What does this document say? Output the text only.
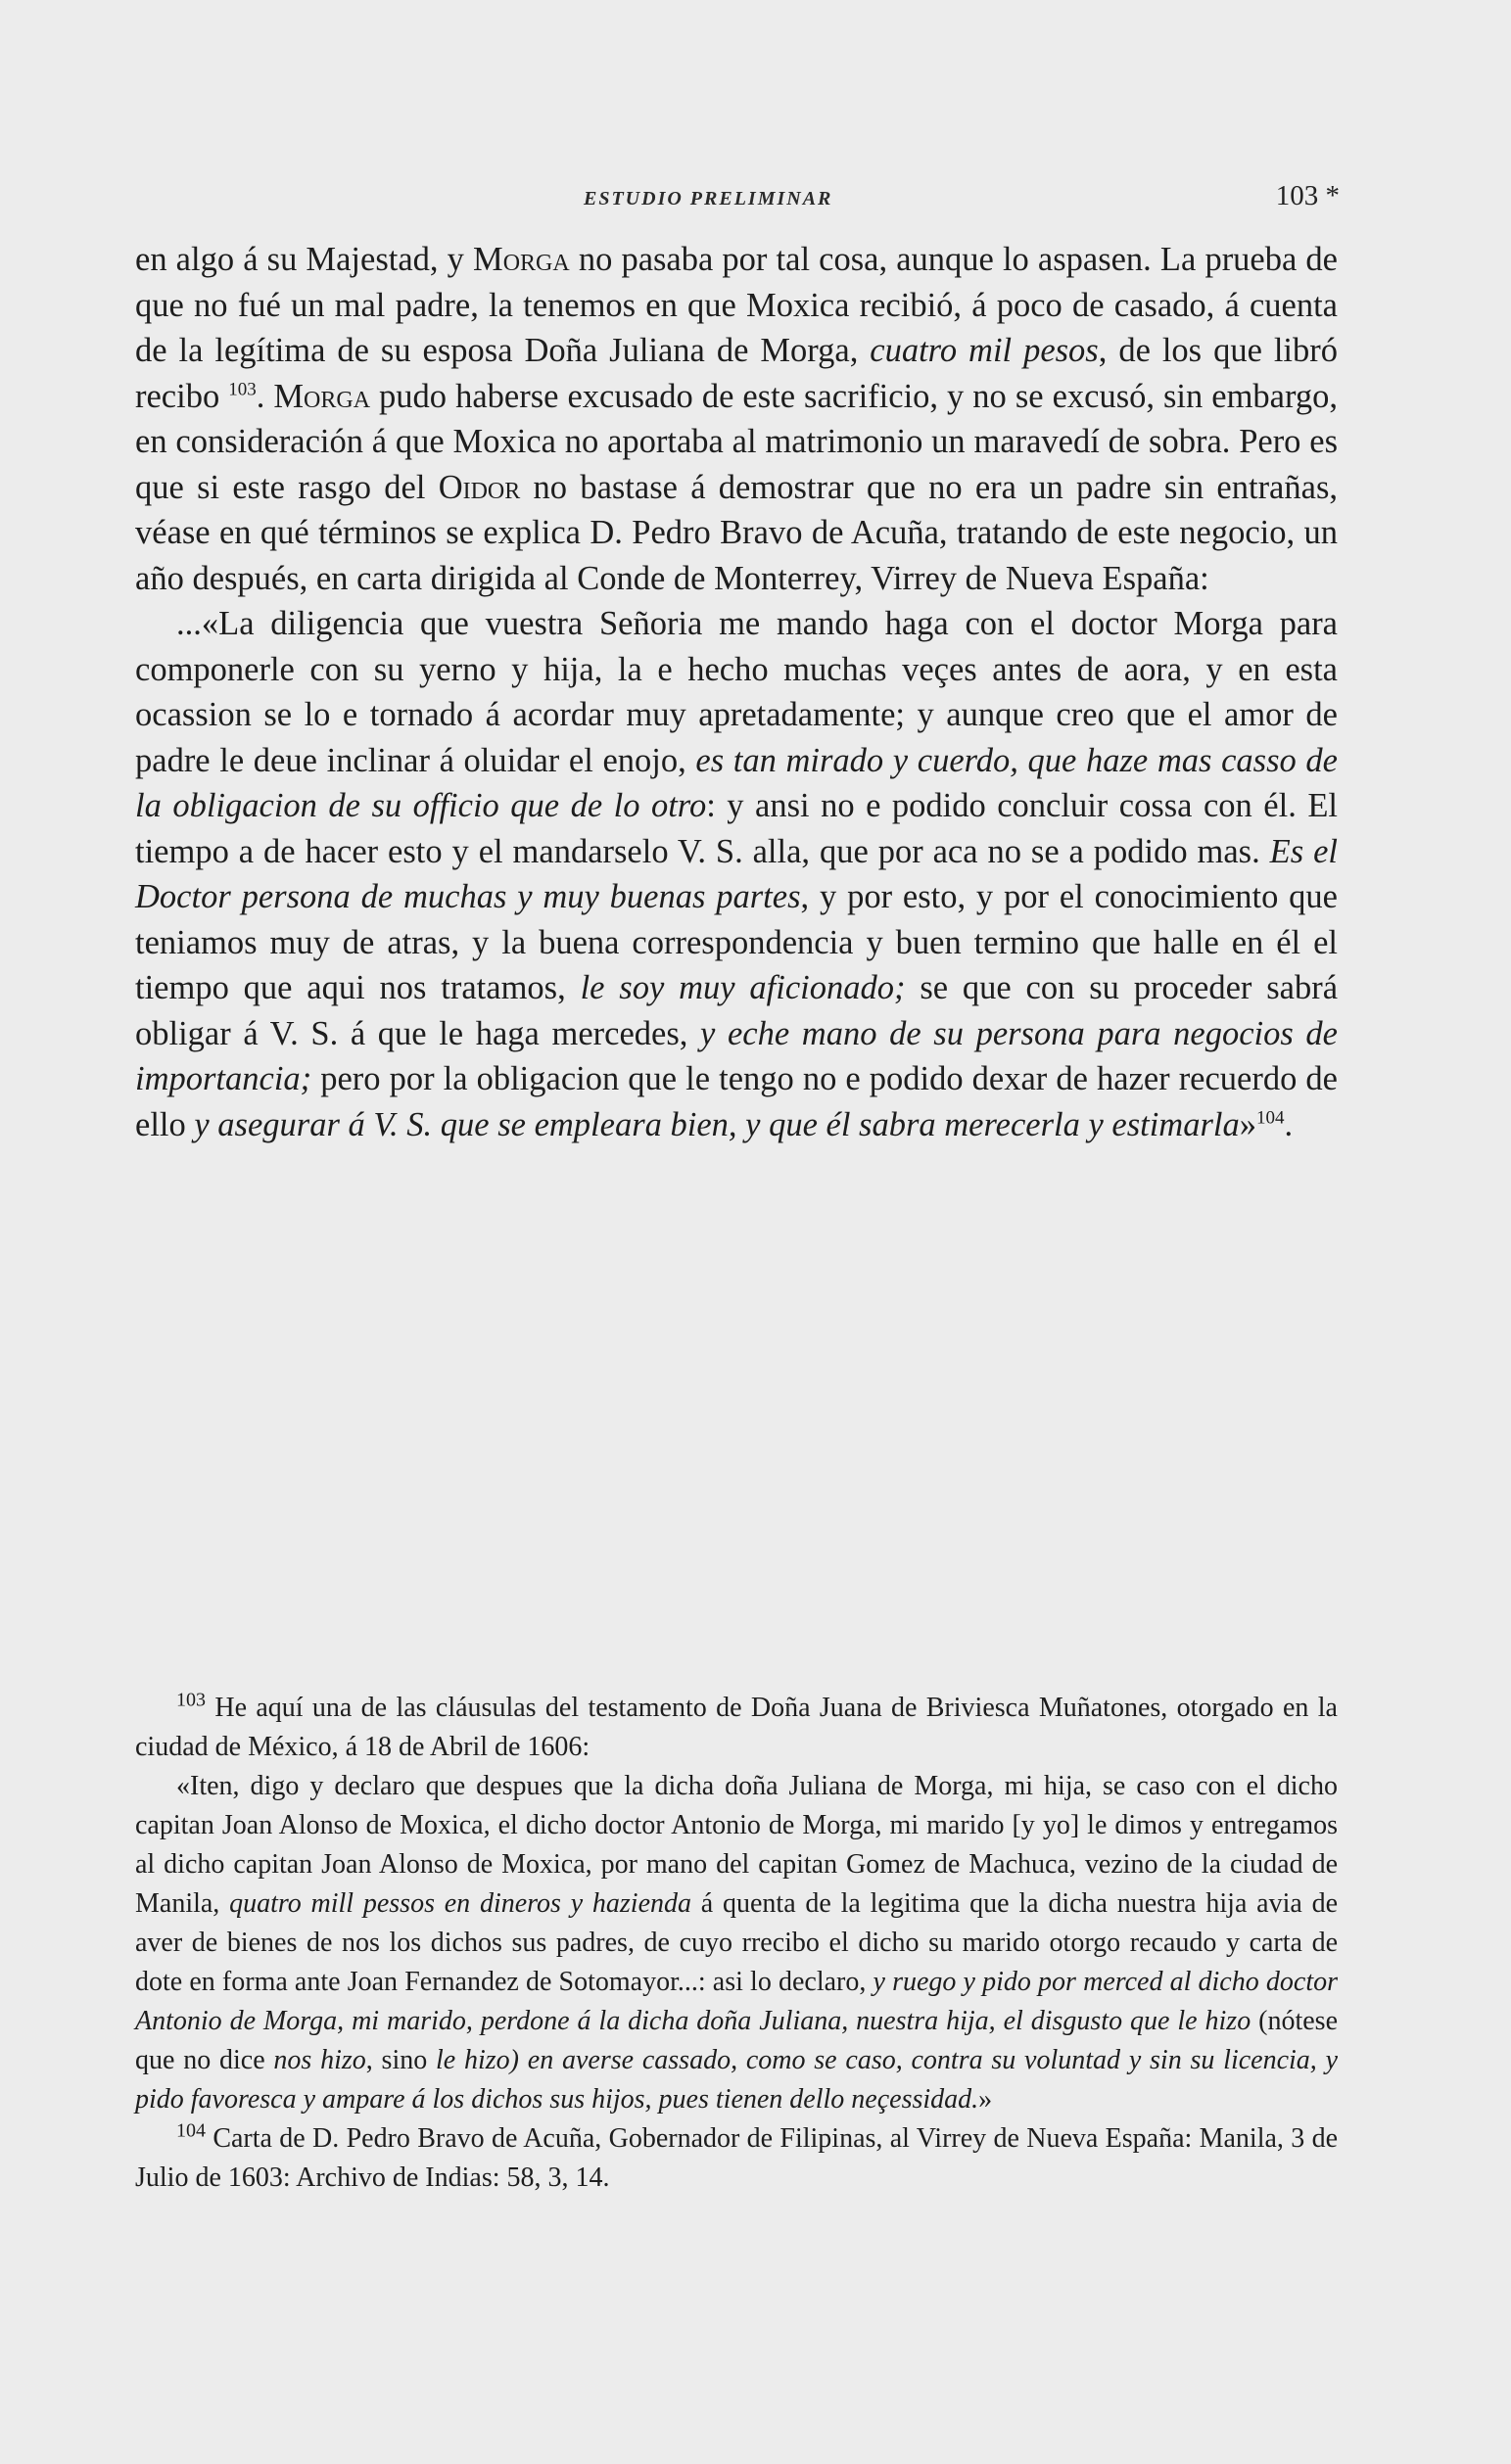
ESTUDIO PRELIMINAR	103 *

en algo á su Majestad, y Morga no pasaba por tal cosa, aunque lo aspasen. La prueba de que no fué un mal padre, la tenemos en que Moxica recibió, á poco de casado, á cuenta de la legítima de su esposa Doña Juliana de Morga, cuatro mil pesos, de los que libró recibo $^{103}$. Morga pudo haberse excusado de este sacrificio, y no se excusó, sin embargo, en consideración á que Moxica no aportaba al matrimonio un maravedí de sobra. Pero es que si este rasgo del Oidor no bastase á demostrar que no era un padre sin entrañas, véase en qué términos se explica D. Pedro Bravo de Acuña, tratando de este negocio, un año después, en carta dirigida al Conde de Monterrey, Virrey de Nueva España:

...«La diligencia que vuestra Señoria me mando haga con el doctor Morga para componerle con su yerno y hija, la e hecho muchas veçes antes de aora, y en esta ocassion se lo e tornado á acordar muy apretadamente; y aunque creo que el amor de padre le deue inclinar á oluidar el enojo, es tan mirado y cuerdo, que haze mas casso de la obligacion de su officio que de lo otro: y ansi no e podido concluir cossa con él. El tiempo a de hacer esto y el mandarselo V. S. alla, que por aca no se a podido mas. Es el Doctor persona de muchas y muy buenas partes, y por esto, y por el conocimiento que teniamos muy de atras, y la buena correspondencia y buen termino que halle en él el tiempo que aqui nos tratamos, le soy muy aficionado; se que con su proceder sabrá obligar á V. S. á que le haga mercedes, y eche mano de su persona para negocios de importancia; pero por la obligacion que le tengo no e podido dexar de hazer recuerdo de ello y asegurar á V. S. que se empleara bien, y que él sabra merecerla y estimarla»$^{104}$.

$^{103}$ He aquí una de las cláusulas del testamento de Doña Juana de Briviesca Muñatones, otorgado en la ciudad de México, á 18 de Abril de 1606:

«Iten, digo y declaro que despues que la dicha doña Juliana de Morga, mi hija, se caso con el dicho capitan Joan Alonso de Moxica, el dicho doctor Antonio de Morga, mi marido [y yo] le dimos y entregamos al dicho capitan Joan Alonso de Moxica, por mano del capitan Gomez de Machuca, vezino de la ciudad de Manila, quatro mill pessos en dineros y hazienda á quenta de la legitima que la dicha nuestra hija avia de aver de bienes de nos los dichos sus padres, de cuyo rrecibo el dicho su marido otorgo recaudo y carta de dote en forma ante Joan Fernandez de Sotomayor...: asi lo declaro, y ruego y pido por merced al dicho doctor Antonio de Morga, mi marido, perdone á la dicha doña Juliana, nuestra hija, el disgusto que le hizo (nótese que no dice nos hizo, sino le hizo) en averse cassado, como se caso, contra su voluntad y sin su licencia, y pido favoresca y ampare á los dichos sus hijos, pues tienen dello neçessidad.»

$^{104}$ Carta de D. Pedro Bravo de Acuña, Gobernador de Filipinas, al Virrey de Nueva España: Manila, 3 de Julio de 1603: Archivo de Indias: 58, 3, 14.
